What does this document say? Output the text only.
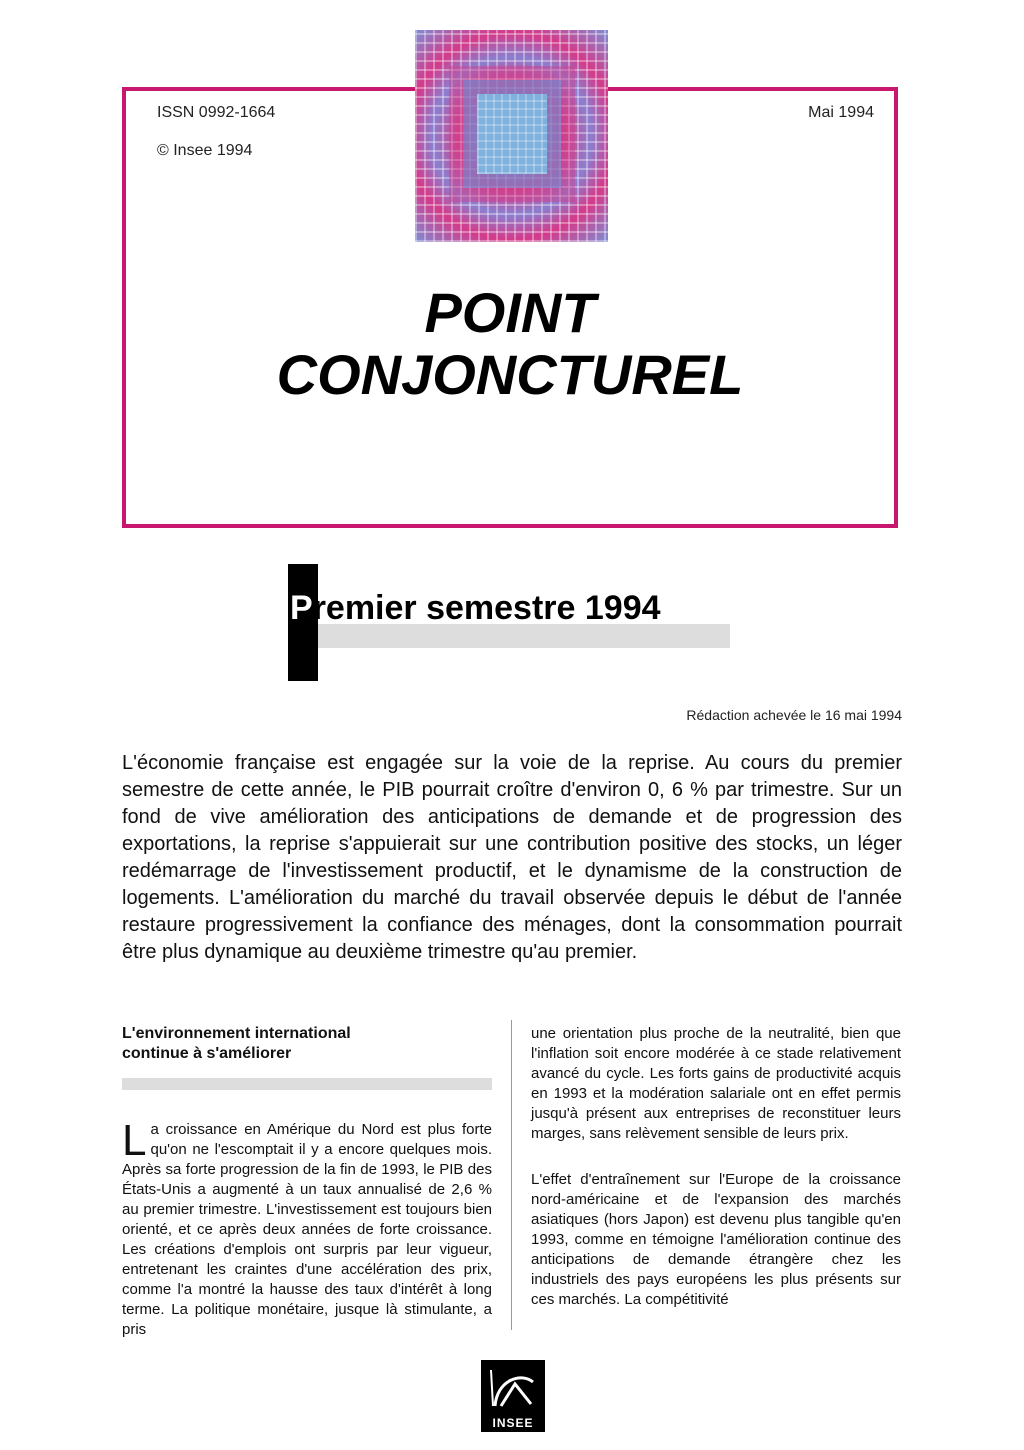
ISSN 0992-1664
© Insee 1994
Mai 1994
POINT
CONJONCTUREL
Premier semestre 1994
Rédaction achevée le 16 mai 1994

L'économie française est engagée sur la voie de la reprise. Au cours du premier semestre de cette année, le PIB pourrait croître d'environ 0, 6 % par trimestre. Sur un fond de vive amélioration des anticipations de demande et de progression des exportations, la reprise s'appuierait sur une contribution positive des stocks, un léger redémarrage de l'investissement productif, et le dynamisme de la construction de logements. L'amélioration du marché du travail observée depuis le début de l'année restaure progressivement la confiance des ménages, dont la consommation pourrait être plus dynamique au deuxième trimestre qu'au premier.

L'environnement international
continue à s'améliorer

La croissance en Amérique du Nord est plus forte qu'on ne l'escomptait il y a encore quelques mois. Après sa forte progression de la fin de 1993, le PIB des États-Unis a augmenté à un taux annualisé de 2,6 % au premier trimestre. L'investissement est toujours bien orienté, et ce après deux années de forte croissance. Les créations d'emplois ont surpris par leur vigueur, entretenant les craintes d'une accélération des prix, comme l'a montré la hausse des taux d'intérêt à long terme. La politique monétaire, jusque là stimulante, a pris

une orientation plus proche de la neutralité, bien que l'inflation soit encore modérée à ce stade relativement avancé du cycle. Les forts gains de productivité acquis en 1993 et la modération salariale ont en effet permis jusqu'à présent aux entreprises de reconstituer leurs marges, sans relèvement sensible de leurs prix.

L'effet d'entraînement sur l'Europe de la croissance nord-américaine et de l'expansion des marchés asiatiques (hors Japon) est devenu plus tangible qu'en 1993, comme en témoigne l'amélioration continue des anticipations de demande étrangère chez les industriels des pays européens les plus présents sur ces marchés. La compétitivité

INSEE
